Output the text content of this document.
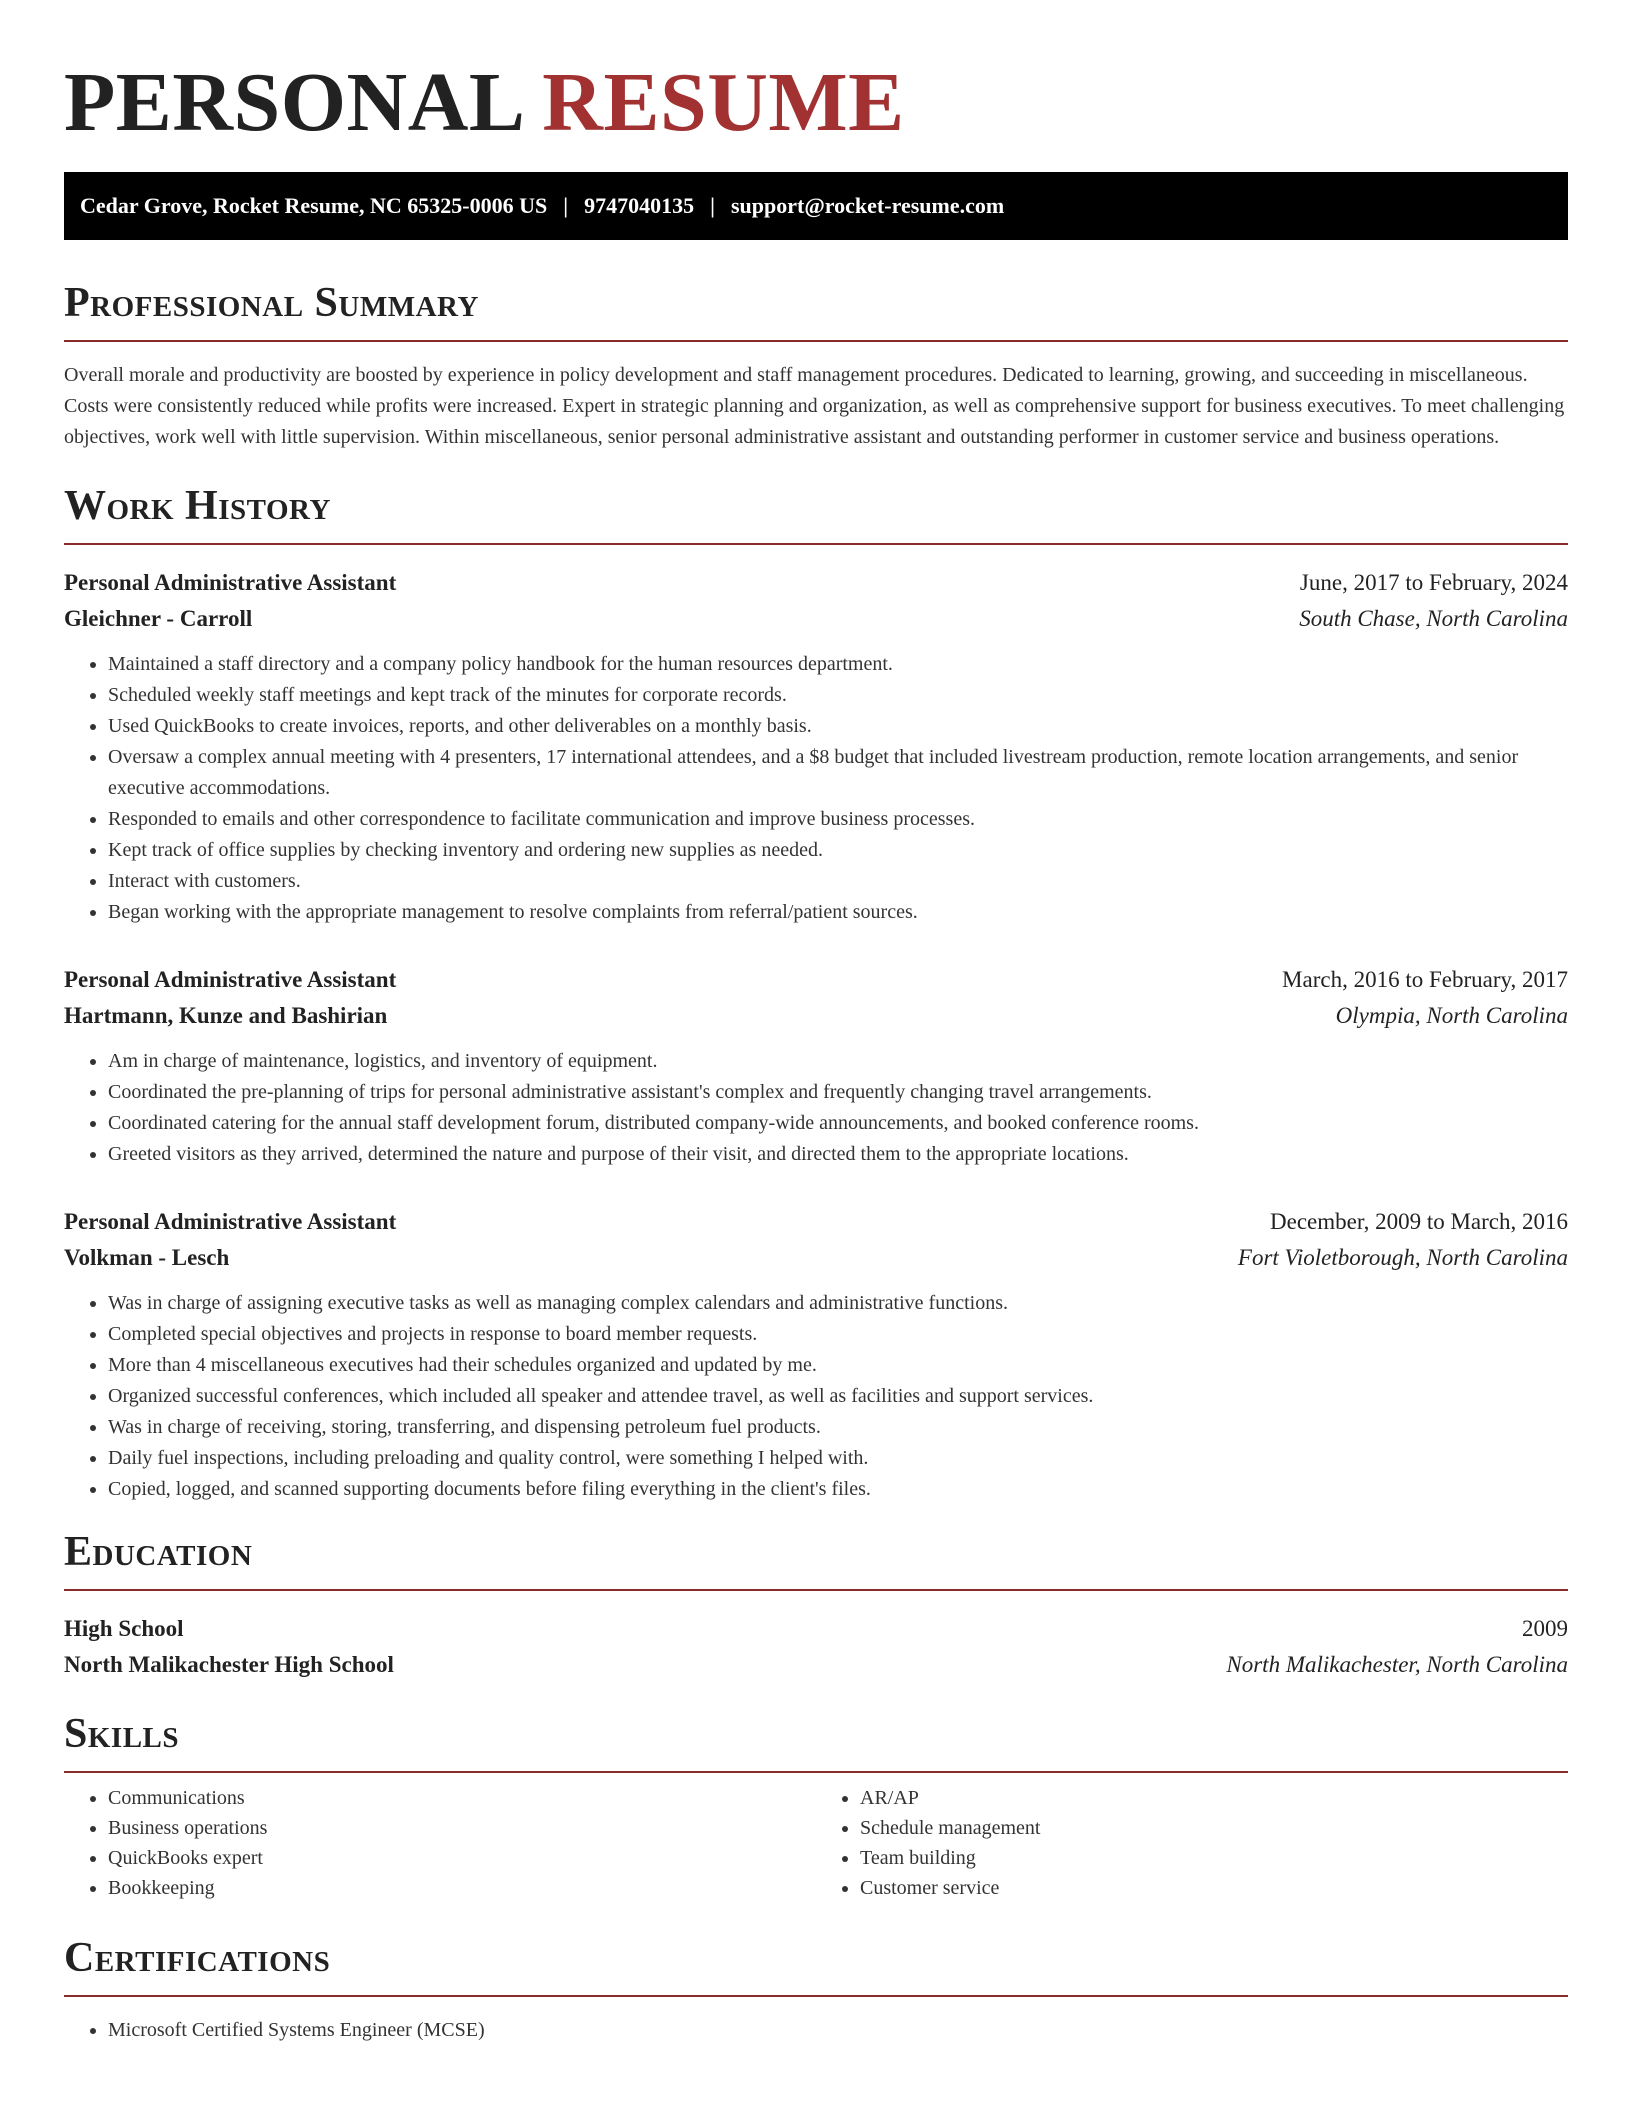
PERSONAL RESUME
Cedar Grove, Rocket Resume, NC 65325-0006 US | 9747040135 | support@rocket-resume.com
Professional Summary

Overall morale and productivity are boosted by experience in policy development and staff management procedures. Dedicated to learning, growing, and succeeding in miscellaneous. Costs were consistently reduced while profits were increased. Expert in strategic planning and organization, as well as comprehensive support for business executives. To meet challenging objectives, work well with little supervision. Within miscellaneous, senior personal administrative assistant and outstanding performer in customer service and business operations.

Work History
Personal Administrative Assistant	June, 2017 to February, 2024
Gleichner - Carroll	South Chase, North Carolina
• Maintained a staff directory and a company policy handbook for the human resources department.
• Scheduled weekly staff meetings and kept track of the minutes for corporate records.
• Used QuickBooks to create invoices, reports, and other deliverables on a monthly basis.
• Oversaw a complex annual meeting with 4 presenters, 17 international attendees, and a $8 budget that included livestream production, remote location arrangements, and senior executive accommodations.
• Responded to emails and other correspondence to facilitate communication and improve business processes.
• Kept track of office supplies by checking inventory and ordering new supplies as needed.
• Interact with customers.
• Began working with the appropriate management to resolve complaints from referral/patient sources.
Personal Administrative Assistant	March, 2016 to February, 2017
Hartmann, Kunze and Bashirian	Olympia, North Carolina
• Am in charge of maintenance, logistics, and inventory of equipment.
• Coordinated the pre-planning of trips for personal administrative assistant's complex and frequently changing travel arrangements.
• Coordinated catering for the annual staff development forum, distributed company-wide announcements, and booked conference rooms.
• Greeted visitors as they arrived, determined the nature and purpose of their visit, and directed them to the appropriate locations.
Personal Administrative Assistant	December, 2009 to March, 2016
Volkman - Lesch	Fort Violetborough, North Carolina
• Was in charge of assigning executive tasks as well as managing complex calendars and administrative functions.
• Completed special objectives and projects in response to board member requests.
• More than 4 miscellaneous executives had their schedules organized and updated by me.
• Organized successful conferences, which included all speaker and attendee travel, as well as facilities and support services.
• Was in charge of receiving, storing, transferring, and dispensing petroleum fuel products.
• Daily fuel inspections, including preloading and quality control, were something I helped with.
• Copied, logged, and scanned supporting documents before filing everything in the client's files.
Education
High School	2009
North Malikachester High School	North Malikachester, North Carolina
Skills
• Communications
• Business operations
• QuickBooks expert
• Bookkeeping
• AR/AP
• Schedule management
• Team building
• Customer service
Certifications
• Microsoft Certified Systems Engineer (MCSE)
